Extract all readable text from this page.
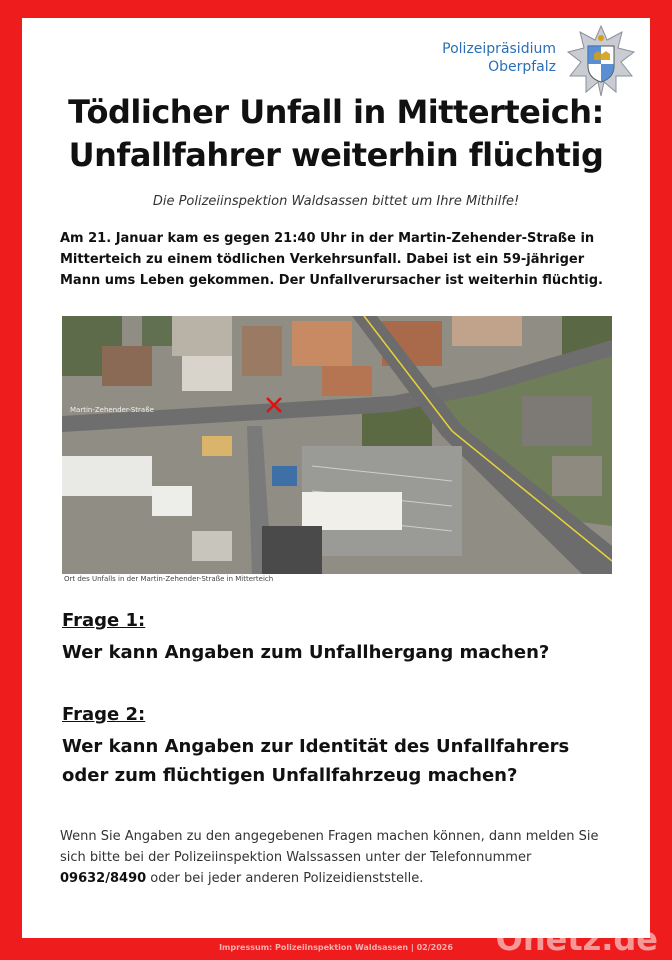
Polizeipräsidium
Oberpfalz
Tödlicher Unfall in Mitterteich:
Unfallfahrer weiterhin flüchtig
Die Polizeiinspektion Waldsassen bittet um Ihre Mithilfe!
Am 21. Januar kam es gegen 21:40 Uhr in der Martin-Zehender-Straße in Mitterteich zu einem tödlichen Verkehrsunfall. Dabei ist ein 59-jähriger Mann ums Leben gekommen. Der Unfallverursacher ist weiterhin flüchtig.
Martin-Zehender-Straße
Ort des Unfalls in der Martin-Zehender-Straße in Mitterteich
Frage 1:
Wer kann Angaben zum Unfallhergang machen?
Frage 2:
Wer kann Angaben zur Identität des Unfallfahrers
oder zum flüchtigen Unfallfahrzeug machen?
Wenn Sie Angaben zu den angegebenen Fragen machen können, dann melden Sie sich bitte bei der Polizeiinspektion Walssassen unter der Telefonnummer 09632/8490 oder bei jeder anderen Polizeidienststelle.
Impressum: Polizeiinspektion Waldsassen | 02/2026	Onetz.de
